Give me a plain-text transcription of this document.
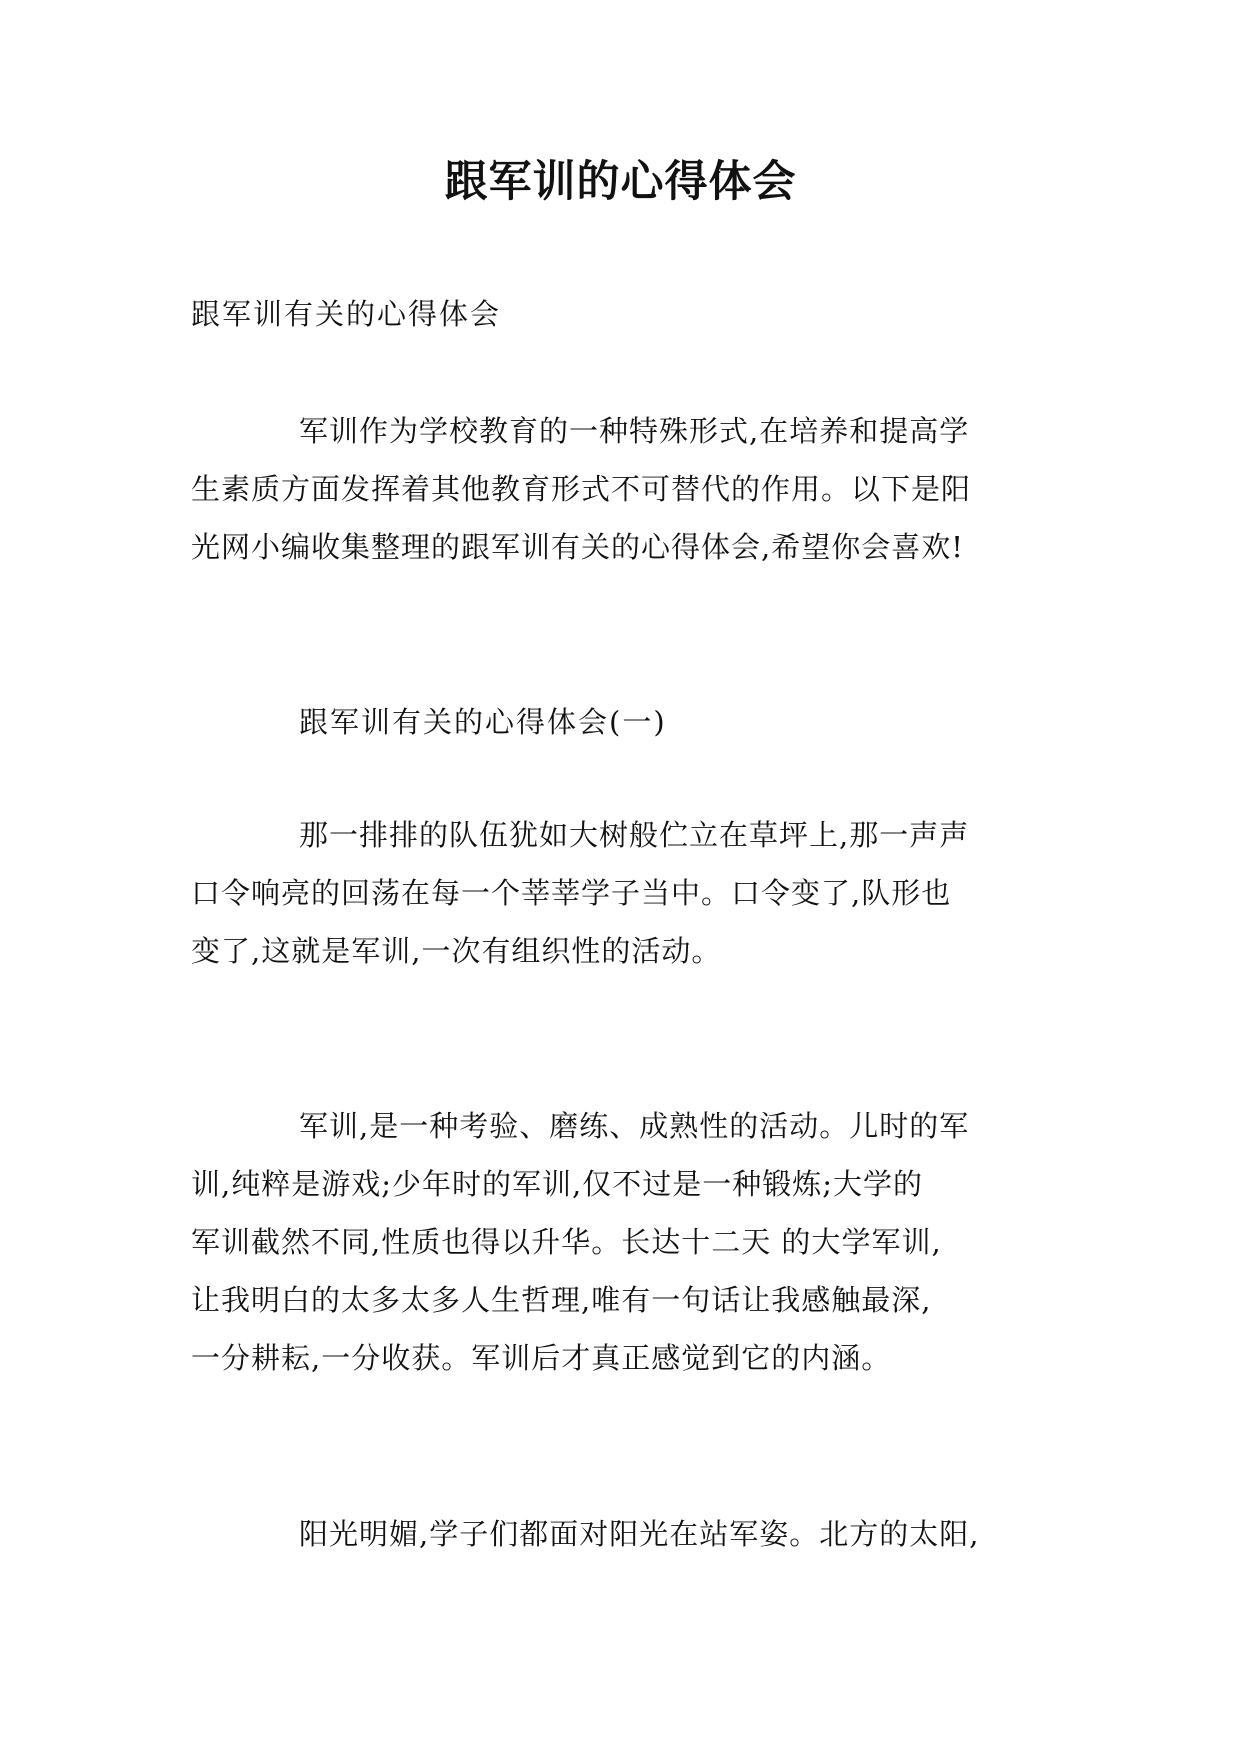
跟军训的心得体会
跟军训有关的心得体会
军训作为学校教育的一种特殊形式,在培养和提高学
生素质方面发挥着其他教育形式不可替代的作用。以下是阳
光网小编收集整理的跟军训有关的心得体会,希望你会喜欢!
跟军训有关的心得体会(一)
那一排排的队伍犹如大树般伫立在草坪上,那一声声
口令响亮的回荡在每一个莘莘学子当中。口令变了,队形也
变了,这就是军训,一次有组织性的活动。
军训,是一种考验、磨练、成熟性的活动。儿时的军
训,纯粹是游戏;少年时的军训,仅不过是一种锻炼;大学的
军训截然不同,性质也得以升华。长达十二天 的大学军训,
让我明白的太多太多人生哲理,唯有一句话让我感触最深,
一分耕耘,一分收获。军训后才真正感觉到它的内涵。
阳光明媚,学子们都面对阳光在站军姿。北方的太阳,
